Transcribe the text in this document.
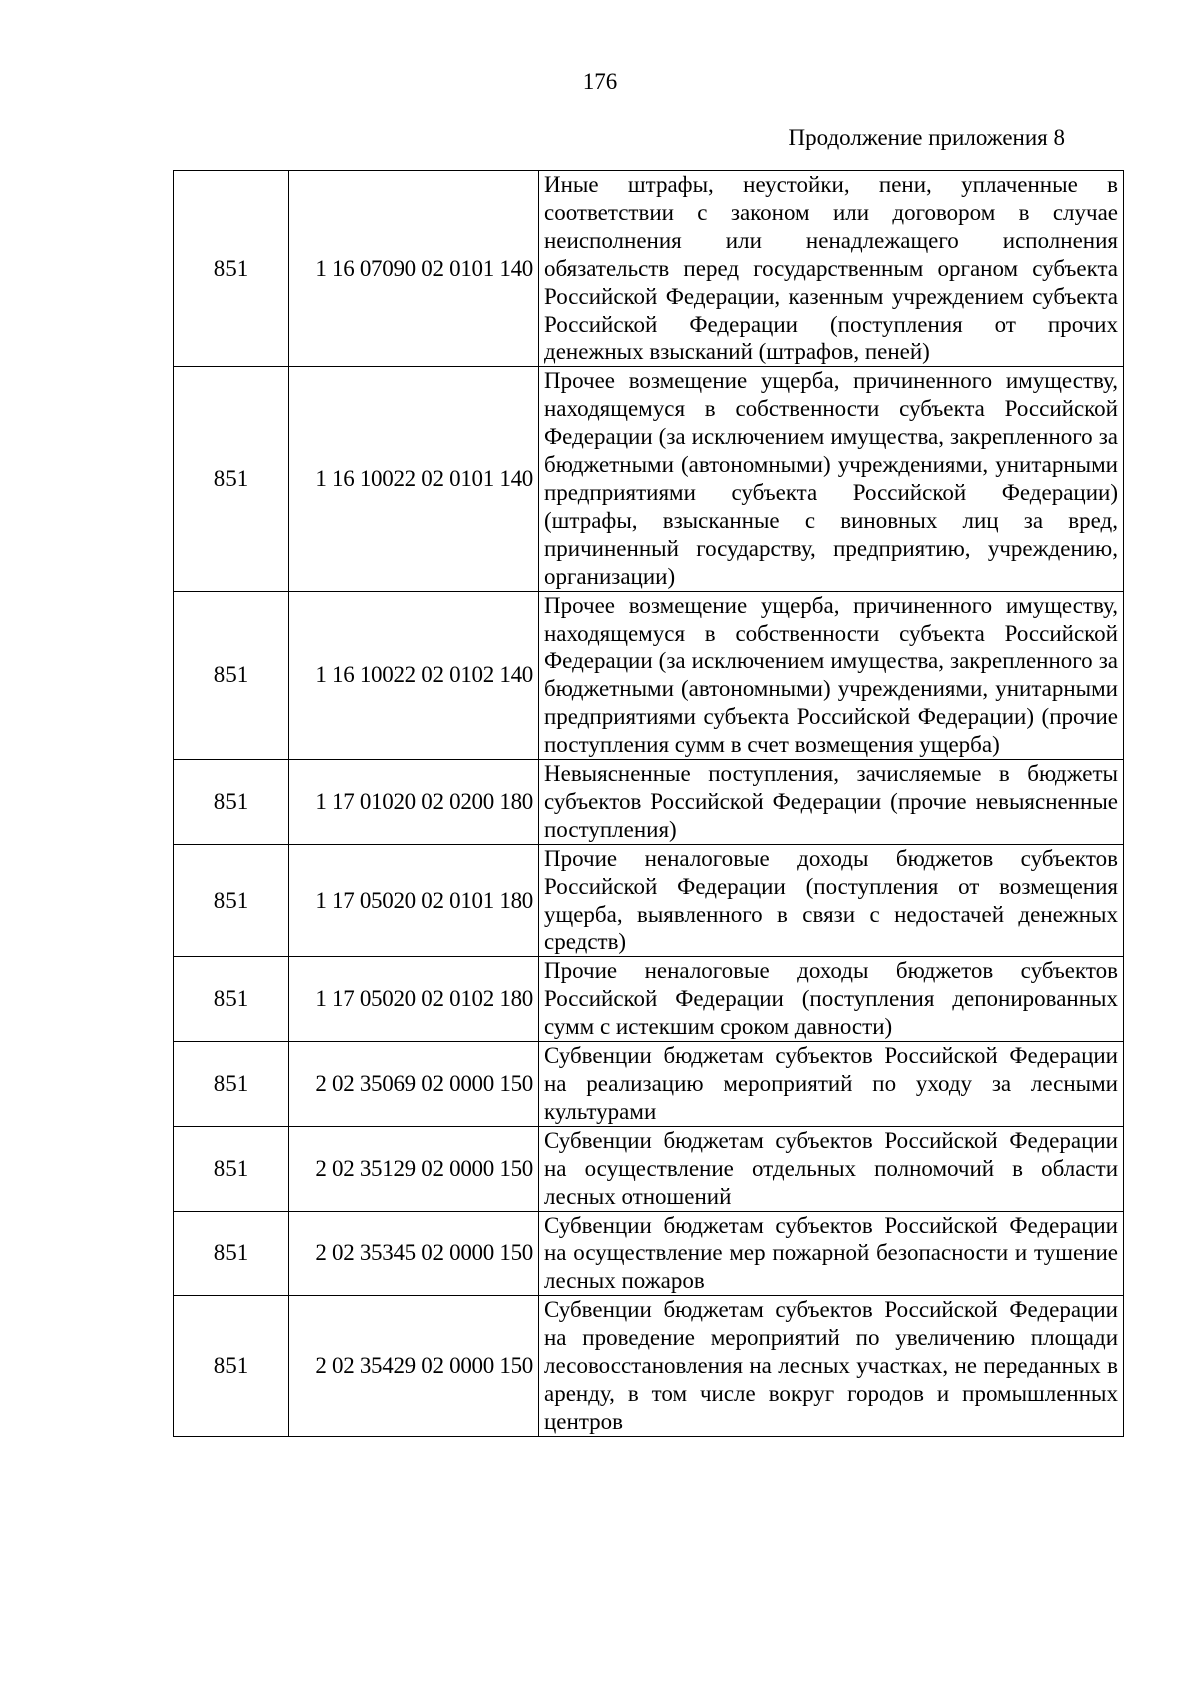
176
Продолжение приложения 8
851	1 16 07090 02 0101 140	Иные штрафы, неустойки, пени, уплаченные в соответствии с законом или договором в случае неисполнения или ненадлежащего исполнения обязательств перед государственным органом субъекта Российской Федерации, казенным учреждением субъекта Российской Федерации (поступления от прочих денежных взысканий (штрафов, пеней)
851	1 16 10022 02 0101 140	Прочее возмещение ущерба, причиненного имуществу, находящемуся в собственности субъекта Российской Федерации (за исключением имущества, закрепленного за бюджетными (автономными) учреждениями, унитарными предприятиями субъекта Российской Федерации) (штрафы, взысканные с виновных лиц за вред, причиненный государству, предприятию, учреждению, организации)
851	1 16 10022 02 0102 140	Прочее возмещение ущерба, причиненного имуществу, находящемуся в собственности субъекта Российской Федерации (за исключением имущества, закрепленного за бюджетными (автономными) учреждениями, унитарными предприятиями субъекта Российской Федерации) (прочие поступления сумм в счет возмещения ущерба)
851	1 17 01020 02 0200 180	Невыясненные поступления, зачисляемые в бюджеты субъектов Российской Федерации (прочие невыясненные поступления)
851	1 17 05020 02 0101 180	Прочие неналоговые доходы бюджетов субъектов Российской Федерации (поступления от возмещения ущерба, выявленного в связи с недостачей денежных средств)
851	1 17 05020 02 0102 180	Прочие неналоговые доходы бюджетов субъектов Российской Федерации (поступления депонированных сумм с истекшим сроком давности)
851	2 02 35069 02 0000 150	Субвенции бюджетам субъектов Российской Федерации на реализацию мероприятий по уходу за лесными культурами
851	2 02 35129 02 0000 150	Субвенции бюджетам субъектов Российской Федерации на осуществление отдельных полномочий в области лесных отношений
851	2 02 35345 02 0000 150	Субвенции бюджетам субъектов Российской Федерации на осуществление мер пожарной безопасности и тушение лесных пожаров
851	2 02 35429 02 0000 150	Субвенции бюджетам субъектов Российской Федерации на проведение мероприятий по увеличению площади лесовосстановления на лесных участках, не переданных в аренду, в том числе вокруг городов и промышленных центров
